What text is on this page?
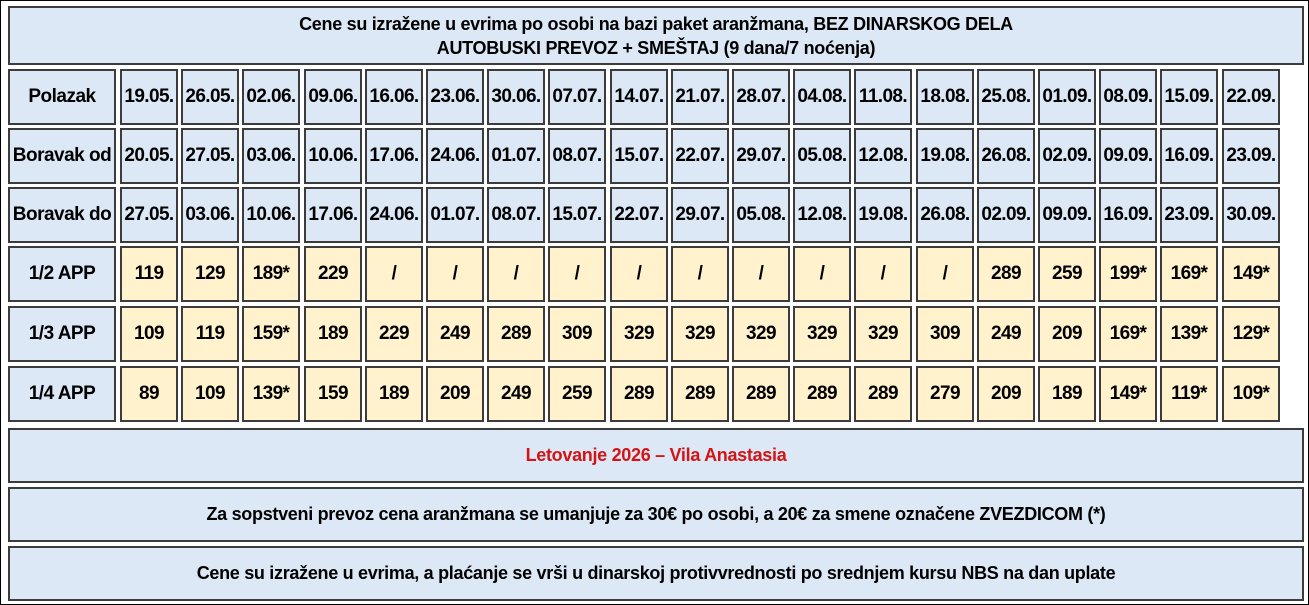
Cene su izražene u evrima po osobi na bazi paket aranžmana, BEZ DINARSKOG DELA
AUTOBUSKI PREVOZ + SMEŠTAJ (9 dana/7 noćenja)
Polazak	19.05. 26.05. 02.06. 09.06. 16.06. 23.06. 30.06. 07.07. 14.07. 21.07. 28.07. 04.08. 11.08. 18.08. 25.08. 01.09. 08.09. 15.09. 22.09.
Boravak od 20.05. 27.05. 03.06. 10.06. 17.06. 24.06. 01.07. 08.07. 15.07. 22.07. 29.07. 05.08. 12.08. 19.08. 26.08. 02.09. 09.09. 16.09. 23.09.
Boravak do 27.05. 03.06. 10.06. 17.06. 24.06. 01.07. 08.07. 15.07. 22.07. 29.07. 05.08. 12.08. 19.08. 26.08. 02.09. 09.09. 16.09. 23.09. 30.09.
1/2 APP	119	129	189*	229	/	/	/	/	/	/	/	/	/	/	289	259	199*	169*	149*
1/3 APP	109	119	159*	189	229	249	289	309	329	329	329	329	329	309	249	209	169*	139*	129*
1/4 APP	89	109	139*	159	189	209	249	259	289	289	289	289	289	279	209	189	149*	119*	109*
Letovanje 2026 – Vila Anastasia
Za sopstveni prevoz cena aranžmana se umanjuje za 30€ po osobi, a 20€ za smene označene ZVEZDICOM (*)
Cene su izražene u evrima, a plaćanje se vrši u dinarskoj protivvrednosti po srednjem kursu NBS na dan uplate
